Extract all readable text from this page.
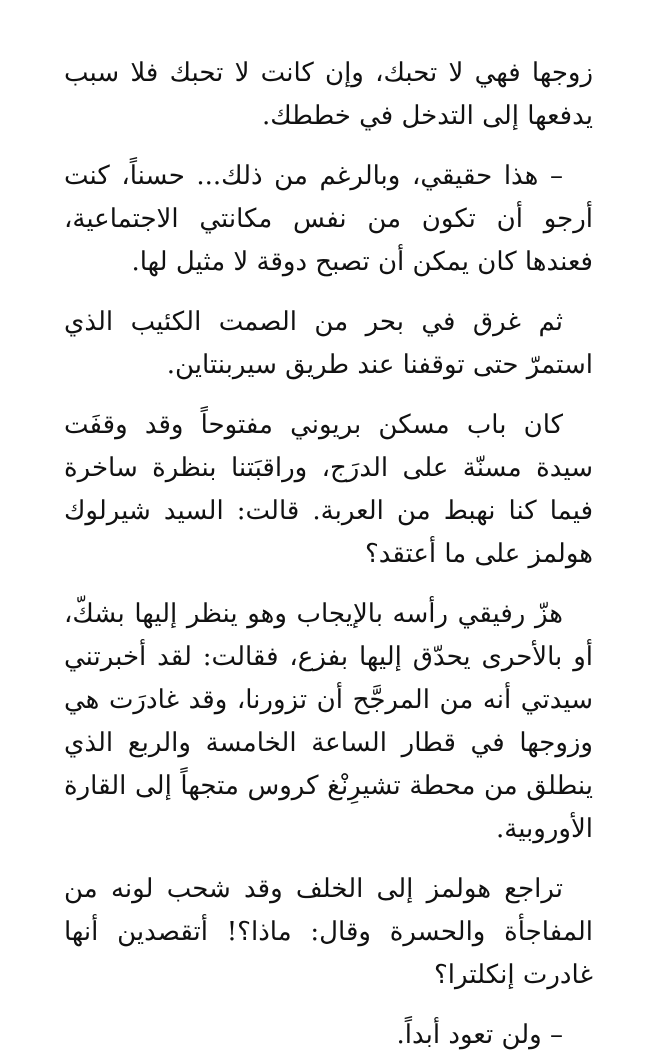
زوجها فهي لا تحبك، وإن كانت لا تحبك فلا سبب يدفعها إلى التدخل في خططك.

– هذا حقيقي، وبالرغم من ذلك... حسناً، كنت أرجو أن تكون من نفس مكانتي الاجتماعية، فعندها كان يمكن أن تصبح دوقة لا مثيل لها.

ثم غرق في بحر من الصمت الكئيب الذي استمرّ حتى توقفنا عند طريق سيربنتاين.

كان باب مسكن بريوني مفتوحاً وقد وقفَت سيدة مسنّة على الدرَج، وراقبَتنا بنظرة ساخرة فيما كنا نهبط من العربة. قالت: السيد شيرلوك هولمز على ما أعتقد؟

هزّ رفيقي رأسه بالإيجاب وهو ينظر إليها بشكّ، أو بالأحرى يحدّق إليها بفزع، فقالت: لقد أخبرتني سيدتي أنه من المرجَّح أن تزورنا، وقد غادرَت هي وزوجها في قطار الساعة الخامسة والربع الذي ينطلق من محطة تشيرِنْغ كروس متجهاً إلى القارة الأوروبية.

تراجع هولمز إلى الخلف وقد شحب لونه من المفاجأة والحسرة وقال: ماذا؟! أتقصدين أنها غادرت إنكلترا؟

– ولن تعود أبداً.
